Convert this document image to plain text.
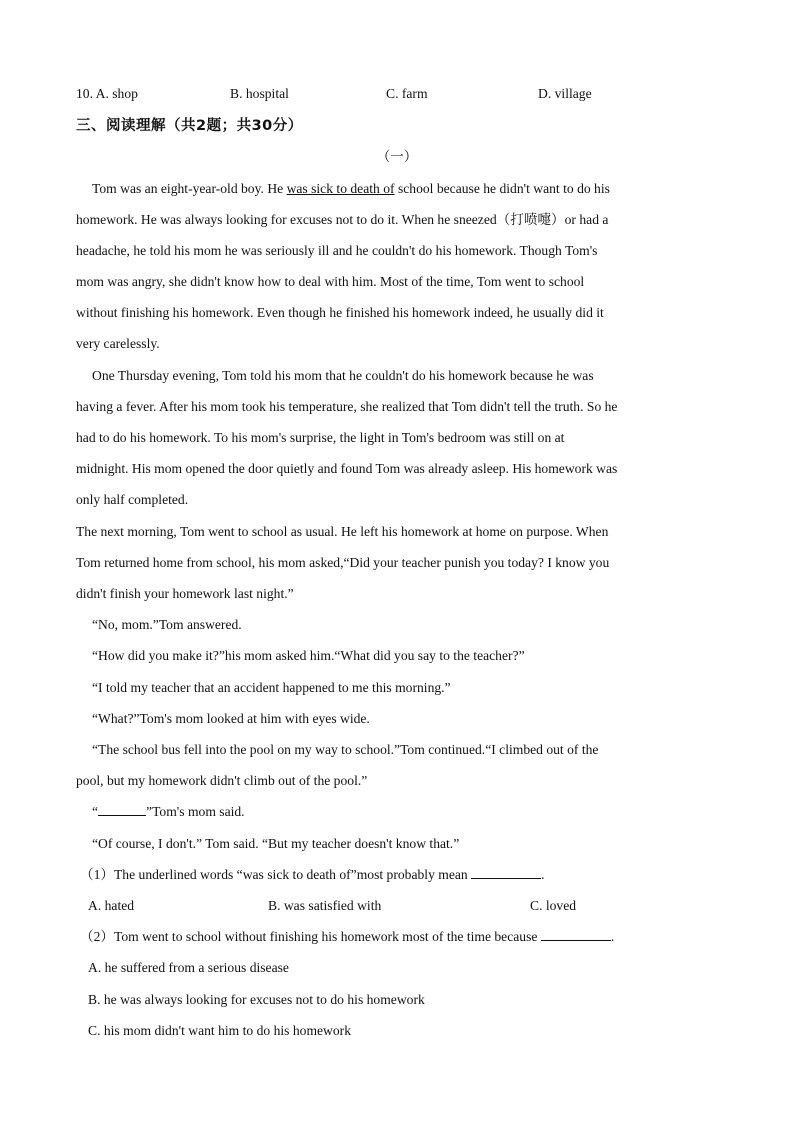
10. A. shop	B. hospital	C. farm	D. village
三、阅读理解（共2题；共30分）
（一）
Tom was an eight-year-old boy. He was sick to death of school because he didn't want to do his
homework. He was always looking for excuses not to do it. When he sneezed（打喷嚏）or had a
headache, he told his mom he was seriously ill and he couldn't do his homework. Though Tom's
mom was angry, she didn't know how to deal with him. Most of the time, Tom went to school
without finishing his homework. Even though he finished his homework indeed, he usually did it
very carelessly.
One Thursday evening, Tom told his mom that he couldn't do his homework because he was
having a fever. After his mom took his temperature, she realized that Tom didn't tell the truth. So he
had to do his homework. To his mom's surprise, the light in Tom's bedroom was still on at
midnight. His mom opened the door quietly and found Tom was already asleep. His homework was
only half completed.
The next morning, Tom went to school as usual. He left his homework at home on purpose. When
Tom returned home from school, his mom asked,“Did your teacher punish you today? I know you
didn't finish your homework last night.”
“No, mom.”Tom answered.
“How did you make it?”his mom asked him.“What did you say to the teacher?”
“I told my teacher that an accident happened to me this morning.”
“What?”Tom's mom looked at him with eyes wide.
“The school bus fell into the pool on my way to school.”Tom continued.“I climbed out of the
pool, but my homework didn't climb out of the pool.”
“	”Tom's mom said.
“Of course, I don't.” Tom said. “But my teacher doesn't know that.”
（1）The underlined words “was sick to death of”most probably mean	.
A. hated	B. was satisfied with	C. loved
（2）Tom went to school without finishing his homework most of the time because	.
A. he suffered from a serious disease
B. he was always looking for excuses not to do his homework
C. his mom didn't want him to do his homework
